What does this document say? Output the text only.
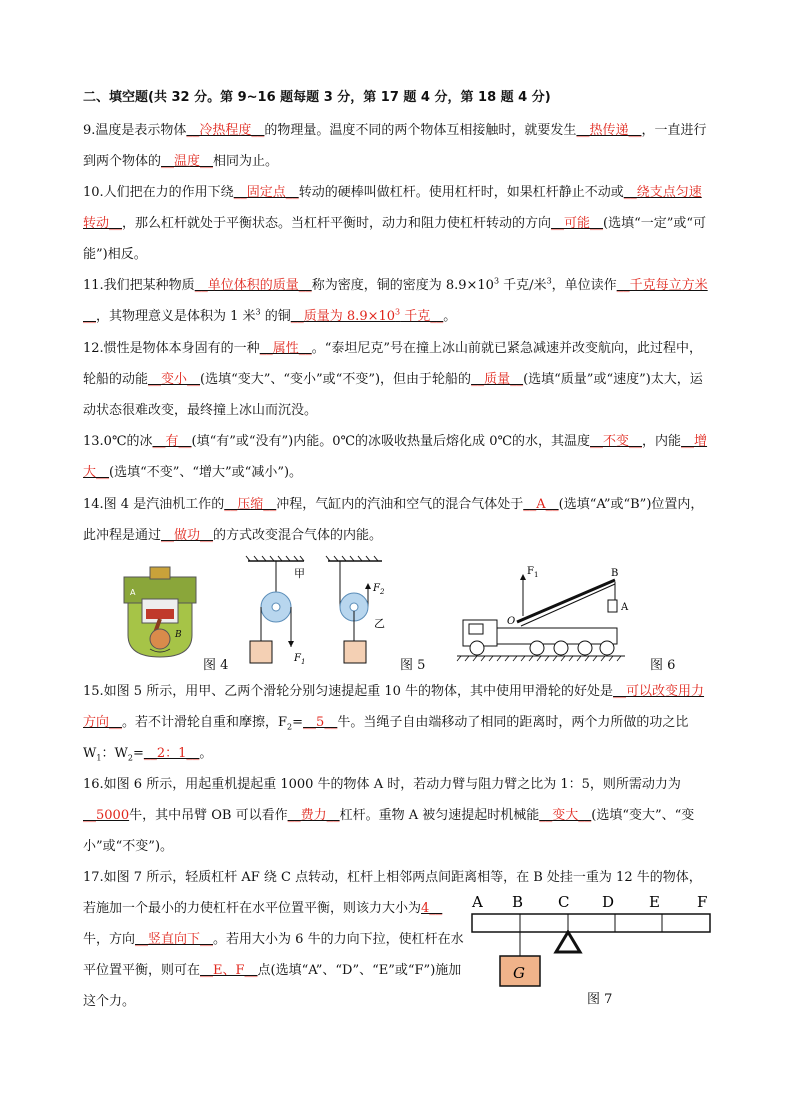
二、填空题(共 32 分。第 9~16 题每题 3 分，第 17 题 4 分，第 18 题 4 分)
9.温度是表示物体__冷热程度__的物理量。温度不同的两个物体互相接触时，就要发生__热传递__，一直进行到两个物体的__温度__相同为止。
10.人们把在力的作用下绕__固定点__转动的硬棒叫做杠杆。使用杠杆时，如果杠杆静止不动或__绕支点匀速转动__，那么杠杆就处于平衡状态。当杠杆平衡时，动力和阻力使杠杆转动的方向__可能__(选填“一定”或“可能”)相反。
11.我们把某种物质__单位体积的质量__称为密度，铜的密度为 $8.9\times 10^3$ 千克/米$^3$，单位读作__千克每立方米__，其物理意义是体积为 1 米$^3$ 的铜__质量为 $8.9\times 10^3$ 千克__。
12.惯性是物体本身固有的一种__属性__。“泰坦尼克”号在撞上冰山前就已紧急减速并改变航向，此过程中，轮船的动能__变小__(选填“变大”、“变小”或“不变”)，但由于轮船的__质量__(选填“质量”或“速度”)太大，运动状态很难改变，最终撞上冰山而沉没。
13.0℃的冰__有__(填“有”或“没有”)内能。0℃的冰吸收热量后熔化成 0℃的水，其温度__不变__，内能__增大__(选填“不变”、“增大”或“减小”)。
14.图 4 是汽油机工作的__压缩__冲程，气缸内的汽油和空气的混合气体处于__A__(选填“A”或“B”)位置内，此冲程是通过__做功__的方式改变混合气体的内能。
A
B
图 4
甲
$F_1$
$F_2$
乙
图 5
$F_1$	B
A
O
图 6
15.如图 5 所示，用甲、乙两个滑轮分别匀速提起重 10 牛的物体，其中使用甲滑轮的好处是__可以改变用力方向__。若不计滑轮自重和摩擦，$F_2=\_\_5\_\_$牛。当绳子自由端移动了相同的距离时，两个力所做的功之比 $W_1$：$W_2=\_\_2$：1__。
16.如图 6 所示，用起重机提起重 1000 牛的物体 A 时，若动力臂与阻力臂之比为 1：5，则所需动力为__5000牛，其中吊臂 OB 可以看作__费力__杠杆。重物 A 被匀速提起时机械能__变大__(选填“变大”、“变小”或“不变”)。
17.如图 7 所示，轻质杠杆 AF 绕 C 点转动，杠杆上相邻两点间距离相等，在 B 处挂一重为 12 牛的物体，
若施加一个最小的力使杠杆在水平位置平衡，则该力大小为4__牛，方向__竖直向下__。若用大小为 6 牛的力向下拉，使杠杆在水平位置平衡，则可在__E、F__点(选填“A”、“D”、“E”或“F”)施加这个力。
A B C D E F
G
图 7
